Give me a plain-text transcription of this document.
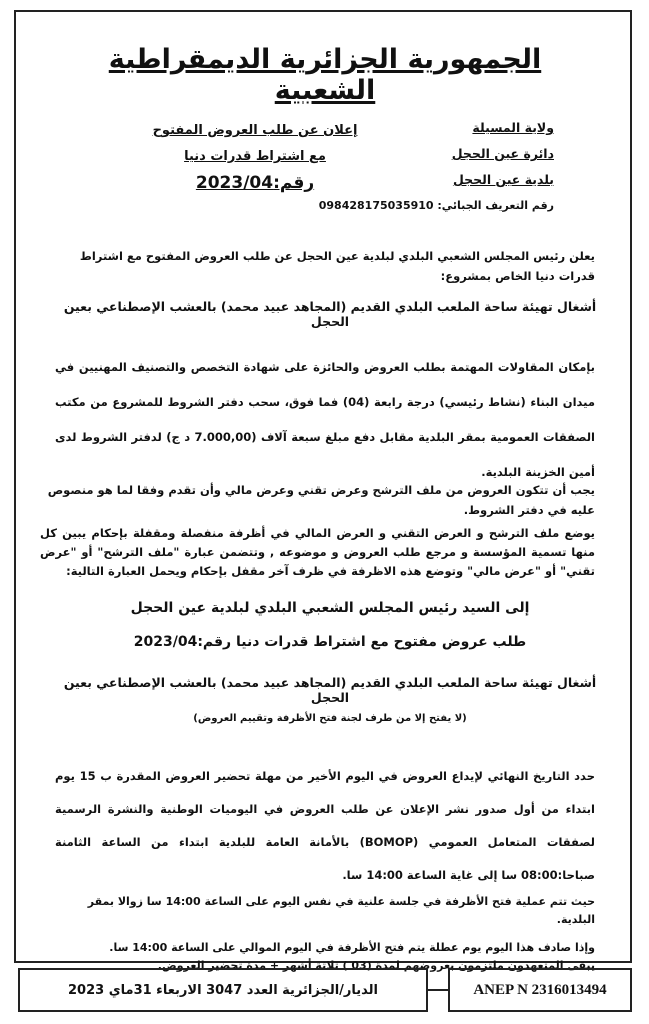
الجمهورية الجزائرية الديمقراطية الشعبية
إعلان عن طلب العروض المفتوح مع اشتراط قدرات دنيا
رقم:2023/04
ولاية المسيلة
دائرة عين الحجل
بلدية عين الحجل
رقم التعريف الجبائي: 098428175035910
يعلن رئيس المجلس الشعبي البلدي لبلدية عين الحجل عن طلب العروض المفتوح مع اشتراط قدرات دنيا الخاص بمشروع:
أشغال تهيئة ساحة الملعب البلدي القديم (المجاهد عبيد محمد) بالعشب الإصطناعي بعين الحجل
بإمكان المقاولات المهتمة بطلب العروض والحائزة على شهادة التخصص والتصنيف المهنيين في ميدان البناء (نشاط رئيسي) درجة رابعة (04) فما فوق، سحب دفتر الشروط للمشروع من مكتب الصفقات العمومية بمقر البلدية مقابل دفع مبلغ سبعة آلاف (7.000,00 د ج) لدفتر الشروط لدى أمين الخزينة البلدية.
يجب أن تتكون العروض من ملف الترشح وعرض تقني وعرض مالي وأن تقدم وفقا لما هو منصوص عليه في دفتر الشروط.
يوضع ملف الترشح و العرض التقني و العرض المالي في أظرفة منفصلة ومقفلة بإحكام يبين كل منها تسمية المؤسسة و مرجع طلب العروض و موضوعه , وتتضمن عبارة "ملف الترشح" أو "عرض تقني" أو "عرض مالي" وتوضع هذه الاظرفة في ظرف آخر مقفل بإحكام ويحمل العبارة التالية:
إلى السيد رئيس المجلس الشعبي البلدي لبلدية عين الحجل
طلب عروض مفتوح مع اشتراط قدرات دنيا رقم:2023/04
أشغال تهيئة ساحة الملعب البلدي القديم (المجاهد عبيد محمد) بالعشب الإصطناعي بعين الحجل
(لا يفتح إلا من طرف لجنة فتح الأظرفة وتقييم العروض)
حدد التاريخ النهائي لإيداع العروض في اليوم الأخير من مهلة تحضير العروض المقدرة ب 15 يوم ابتداء من أول صدور نشر الإعلان عن طلب العروض في اليوميات الوطنية والنشرة الرسمية لصفقات المتعامل العمومي (BOMOP) بالأمانة العامة للبلدية ابتداء من الساعة الثامنة صباحا:08:00 سا إلى غاية الساعة 14:00 سا.
حيث تتم عملية فتح الأظرفة في جلسة علنية في نفس اليوم على الساعة 14:00 سا زوالا بمقر البلدية.
وإذا صادف هذا اليوم يوم عطلة يتم فتح الأظرفة في اليوم الموالي على الساعة 14:00 سا.
يبقى المتعهدون ملتزمون بعروضهم لمدة (03 ) ثلاثة أشهر + مدة تحضير العروض.
الديار/الجزائرية العدد 3047 الاربعاء 31ماي 2023	ANEP N 2316013494
